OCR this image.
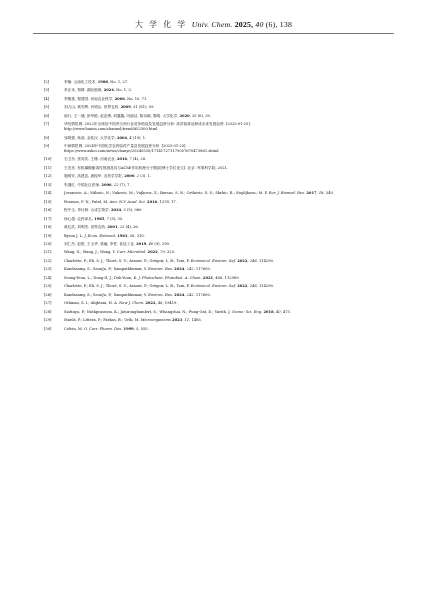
大 学 化 学 Univ. Chem. 2025, 40 (6), 138
[2]	李楠. 云南化工技术, 1988, No. 1, 27.
[3]	李正禾, 郑晴. 湖北植保, 2024, No. 1, 3.
[4]	李敬莲, 程建国. 河南农业科学, 2006, No. 10, 71.
[5]	刘占山, 黄安辉, 肖明山. 世界农药, 2009, 31 (S1), 59.
[6]	那行, 王一涵, 彭华艳, 赵忠博, 刘鑫鑫, 闫丽洁, 陈诗颖, 黎明. 大学化学, 2020, 35 (6), 39.
[7]	华经情报网. 2022年全球及中国杀虫剂行业竞争格局及发展趋势分析: 高效低毒品种成未来发展趋势. [2025-01-25].
http://www.huaon.com/channel/trend/852500.html
[8]	邹明强, 杨蕊, 金钦汉. 大学化学, 2004, 4 (19), 1.
[9]	中商情报网. 2024年中国化学农药原药产量及发展趋势分析. [2025-01-25].
https://www.askci.com/news/chanye/20240530/171417271179057670473861.shtml
[10]	石卫东, 张同庆, 王瑾. 河南农业, 2016, 7 (4), 28.
[11]	王亮亮. 有机磷酸酯毒性预测及其与AChE作用机理分子模拟[博士学位论文]. 北京: 军事科学院, 2021.
[12]	施明安, 高建忠, 唐振华. 农药学学报, 2000, 2 (3), 1.
[13]	朱继红. 中国社区医师, 2006, 22 (7), 7.
[14]	Jovanovic, A.; Milosic, N.; Vukovic, M.; Vujkovic, Z.; Bursac, S. N.; Cetkovic, S. S.; Skrbic, R.; Stojiljkovic, M. P. Eur. J. Biomed. Res. 2017, 18, 349.
[15]	Pearson, F. N.; Patel, M. Ann. N.Y. Acad. Sci. 2016, 1378, 17.
[16]	程中玉, 李付林. 合成生物学, 2024, 5 (5), 960.
[17]	徐心超. 农药译丛, 1985, 7 (5), 35.
[18]	黄红武, 刘利杰. 世界农药, 2001, 23 (4), 26.
[19]	Byron J. L. J. Econ. Entomol. 1963, 56, 310.
[20]	刘仁杰, 赵悦, 王玉华, 梁瀚, 李哲. 食品工业, 2019, 40 (9), 299.
[21]	Wang, X.; Wang, J.; Wang, Y. Curr. Microbiol. 2022, 79, 325.
[22]	Charlotte, P.; Eh, S. J.; Thoré, S. V.; Arnout, P.; Grégoir, L. B.; Tom, P. Ecotoxicol. Environ. Saf. 2022, 248, 114290.
[23]	Kandasamy, S.; SeonJu, P.; Sampathkumar, V. Environ. Res. 2024, 242, 117600.
[24]	Seong-Yeon, L.; Dong-Il, J.; Doh-Yoon, K. J. Photochem. Photobiol. A: Chem. 2021, 406, 112989.
[25]	Charlotte, P.; Eh, S. J.; Thoré, S. V.; Arnout, P.; Grégoir, L. B.; Tom, P. Ecotoxicol. Environ. Saf. 2022, 248, 114290.
[26]	Kandasamy, S.; SeonJu, P.; Sampathkumar, V. Environ. Res. 2024, 242, 117600.
[27]	Othman, S. I.; Alqhtani, H. A. New J. Chem. 2022, 46, 19419.
[28]	Siattaya, P.; Nutkpraseom, K.; Jaturonghumlert, S.; Whangchai, N.; Pung-Oat, D.; Varith, J. Ozone: Sci. Eng. 2018, 40, 475.
[29]	Matúš, P.; Littera, P.; Farkas, B.; Urík, M. Microorganisms 2023, 11, 1485.
[30]	Colvin, M. O. Curr. Pharm. Des. 1999, 5, 555.
